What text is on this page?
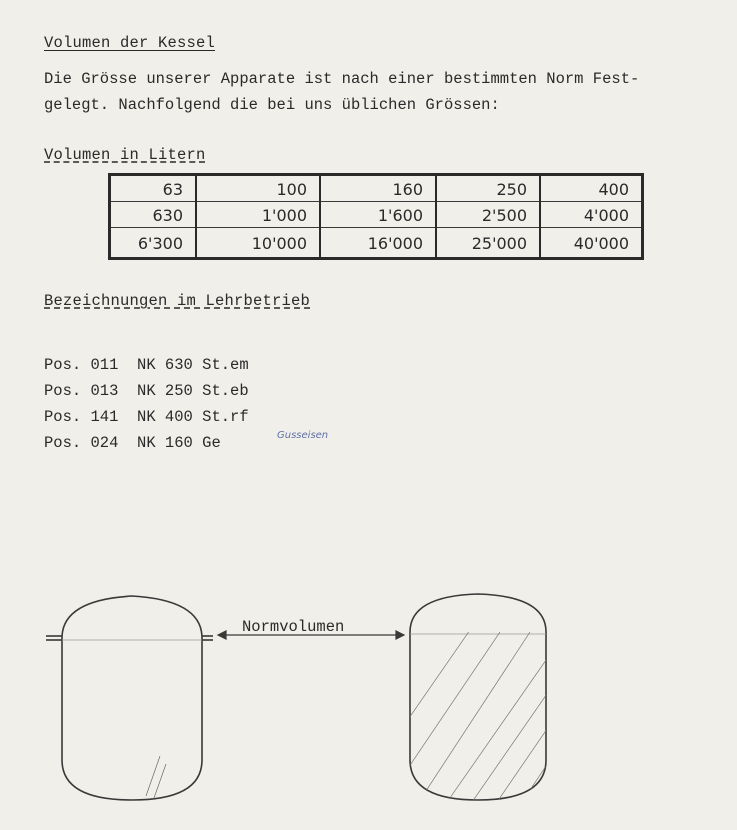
Volumen der Kessel

Die Grösse unserer Apparate ist nach einer bestimmten Norm Fest-
gelegt. Nachfolgend die bei uns üblichen Grössen:

Volumen in Litern
63	100	160	250	400
630	1'000	1'600	2'500	4'000
6'300	10'000	16'000	25'000	40'000
Bezeichnungen im Lehrbetrieb
Pos. 011 NK 630 St.em
Pos. 013 NK 250 St.eb
Pos. 141 NK 400 St.rf
Pos. 024 NK 160 Ge	Gusseisen
Normvolumen
